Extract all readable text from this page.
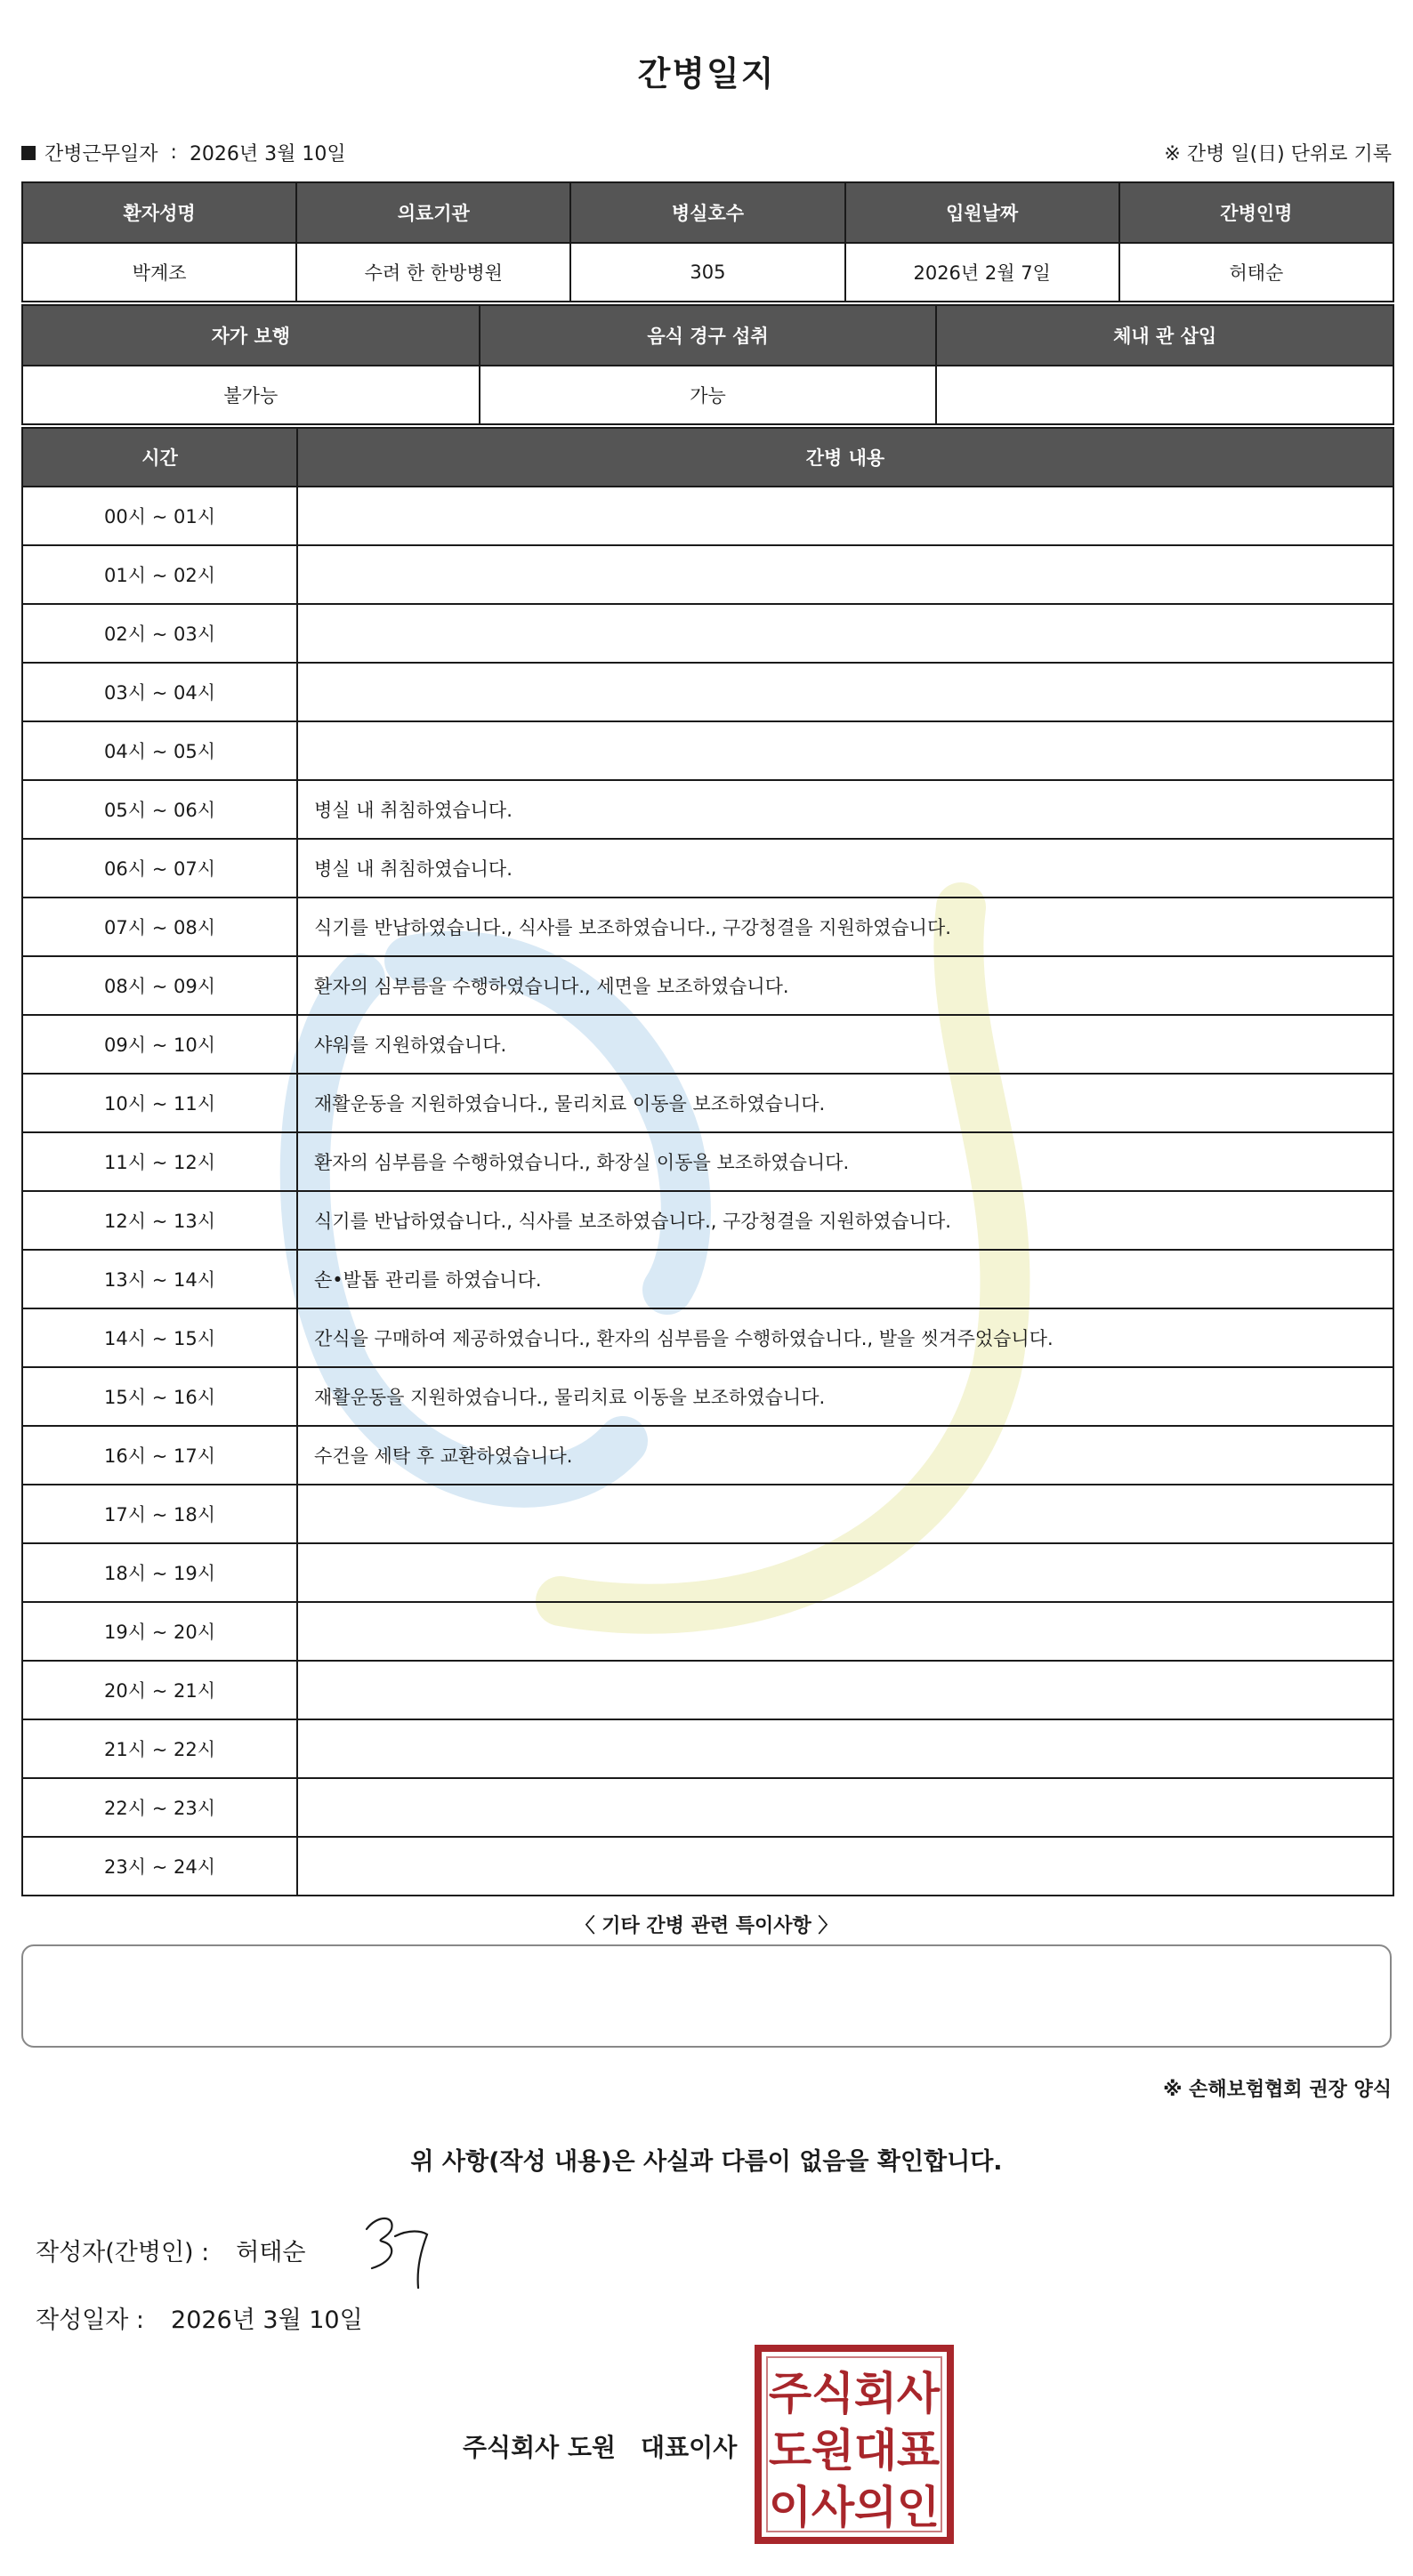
간병일지
간병근무일자 : 2026년 3월 10일	※ 간병 일(日) 단위로 기록
환자성명	의료기관	병실호수	입원날짜	간병인명
박계조	수려 한 한방병원	305	2026년 2월 7일	허태순
자가 보행	음식 경구 섭취	체내 관 삽입
불가능	가능	
시간	간병 내용
00시 ~ 01시	
01시 ~ 02시	
02시 ~ 03시	
03시 ~ 04시	
04시 ~ 05시	
05시 ~ 06시	병실 내 취침하였습니다.
06시 ~ 07시	병실 내 취침하였습니다.
07시 ~ 08시	식기를 반납하였습니다., 식사를 보조하였습니다., 구강청결을 지원하였습니다.
08시 ~ 09시	환자의 심부름을 수행하였습니다., 세면을 보조하였습니다.
09시 ~ 10시	샤워를 지원하였습니다.
10시 ~ 11시	재활운동을 지원하였습니다., 물리치료 이동을 보조하였습니다.
11시 ~ 12시	환자의 심부름을 수행하였습니다., 화장실 이동을 보조하였습니다.
12시 ~ 13시	식기를 반납하였습니다., 식사를 보조하였습니다., 구강청결을 지원하였습니다.
13시 ~ 14시	손•발톱 관리를 하였습니다.
14시 ~ 15시	간식을 구매하여 제공하였습니다., 환자의 심부름을 수행하였습니다., 발을 씻겨주었습니다.
15시 ~ 16시	재활운동을 지원하였습니다., 물리치료 이동을 보조하였습니다.
16시 ~ 17시	수건을 세탁 후 교환하였습니다.
17시 ~ 18시	
18시 ~ 19시	
19시 ~ 20시	
20시 ~ 21시	
21시 ~ 22시	
22시 ~ 23시	
23시 ~ 24시	
〈 기타 간병 관련 특이사항 〉
※ 손해보험협회 권장 양식
위 사항(작성 내용)은 사실과 다름이 없음을 확인합니다.
작성자(간병인) : 허태순
작성일자 : 2026년 3월 10일
주식회사 도원 대표이사
주 식 회 사
도 원 대 표
이 사 의 인
